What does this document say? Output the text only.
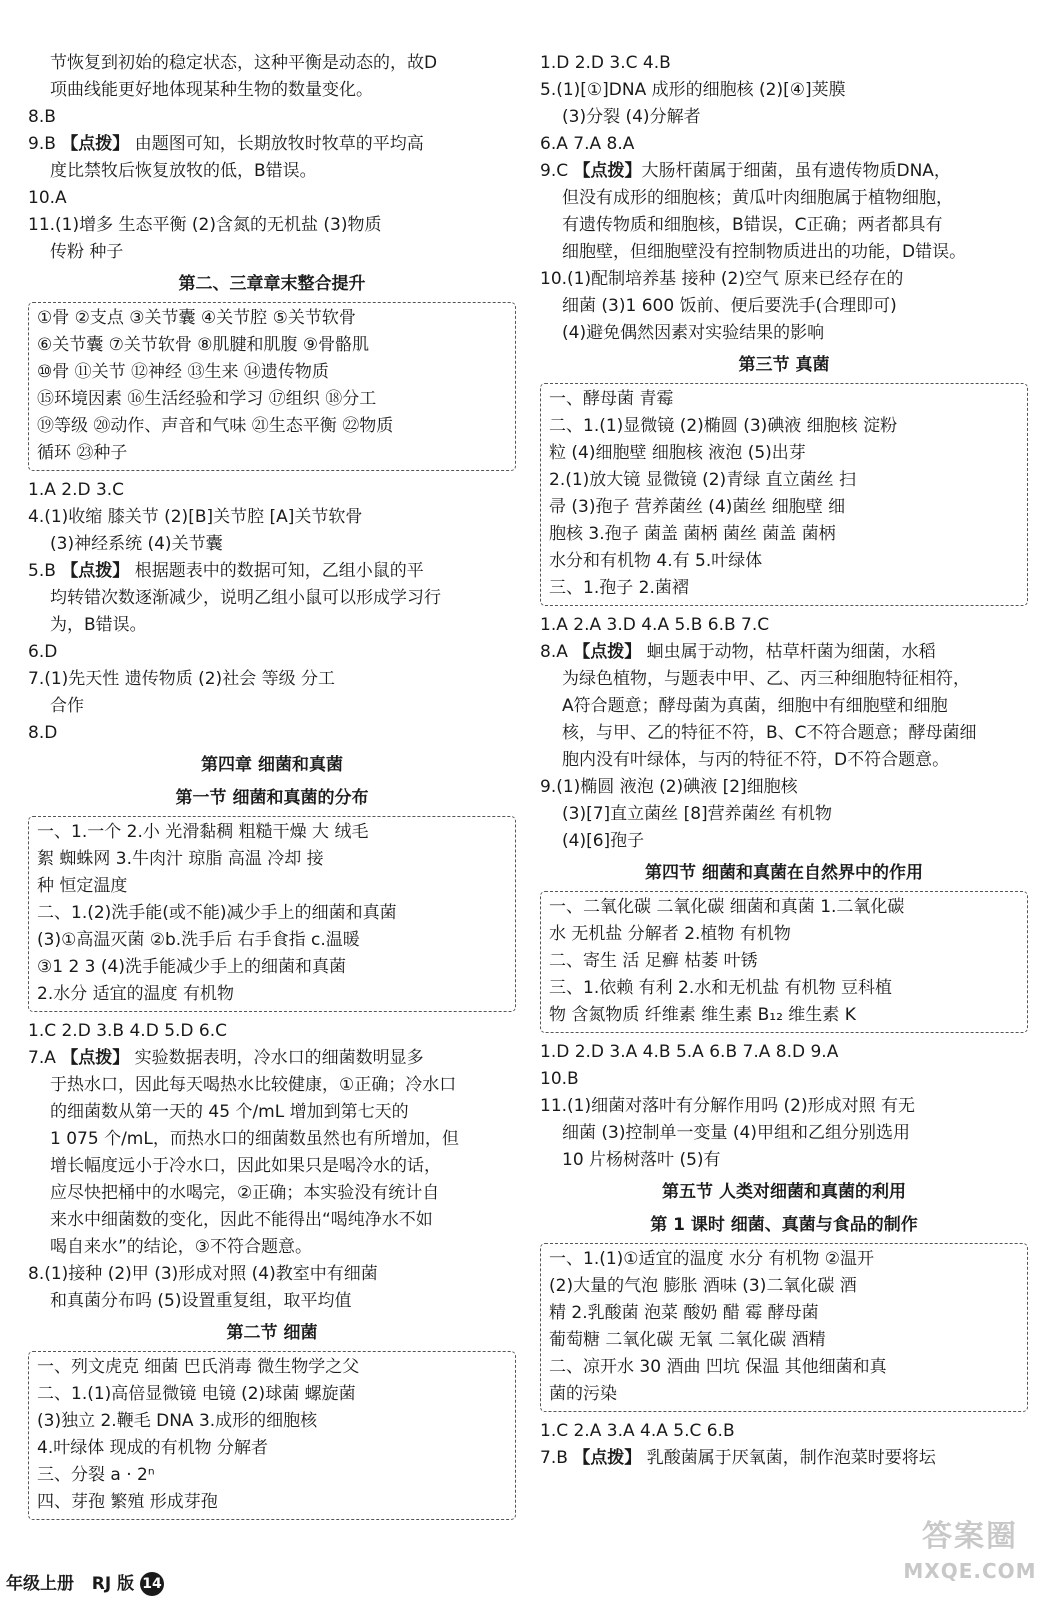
节恢复到初始的稳定状态，这种平衡是动态的，故D

项曲线能更好地体现某种生物的数量变化。

8.B

9.B 【点拨】 由题图可知，长期放牧时牧草的平均高

度比禁牧后恢复放牧的低，B错误。

10.A

11.(1)增多 生态平衡 (2)含氮的无机盐 (3)物质

传粉 种子

第二、三章章末整合提升

①骨 ②支点 ③关节囊 ④关节腔 ⑤关节软骨

⑥关节囊 ⑦关节软骨 ⑧肌腱和肌腹 ⑨骨骼肌

⑩骨 ⑪关节 ⑫神经 ⑬生来 ⑭遗传物质

⑮环境因素 ⑯生活经验和学习 ⑰组织 ⑱分工

⑲等级 ⑳动作、声音和气味 ㉑生态平衡 ㉒物质

循环 ㉓种子

1.A 2.D 3.C

4.(1)收缩 膝关节 (2)[B]关节腔 [A]关节软骨

(3)神经系统 (4)关节囊

5.B 【点拨】 根据题表中的数据可知，乙组小鼠的平

均转错次数逐渐减少，说明乙组小鼠可以形成学习行

为，B错误。

6.D

7.(1)先天性 遗传物质 (2)社会 等级 分工

合作

8.D

第四章 细菌和真菌
第一节 细菌和真菌的分布

一、1.一个 2.小 光滑黏稠 粗糙干燥 大 绒毛

絮 蜘蛛网 3.牛肉汁 琼脂 高温 冷却 接

种 恒定温度

二、1.(2)洗手能(或不能)减少手上的细菌和真菌

(3)①高温灭菌 ②b.洗手后 右手食指 c.温暖

③1 2 3 (4)洗手能减少手上的细菌和真菌

2.水分 适宜的温度 有机物

1.C 2.D 3.B 4.D 5.D 6.C

7.A 【点拨】 实验数据表明，冷水口的细菌数明显多

于热水口，因此每天喝热水比较健康，①正确；冷水口

的细菌数从第一天的 45 个/mL 增加到第七天的

1 075 个/mL，而热水口的细菌数虽然也有所增加，但

增长幅度远小于冷水口，因此如果只是喝冷水的话，

应尽快把桶中的水喝完，②正确；本实验没有统计自

来水中细菌数的变化，因此不能得出“喝纯净水不如

喝自来水”的结论，③不符合题意。

8.(1)接种 (2)甲 (3)形成对照 (4)教室中有细菌

和真菌分布吗 (5)设置重复组，取平均值

第二节 细菌

一、列文虎克 细菌 巴氏消毒 微生物学之父

二、1.(1)高倍显微镜 电镜 (2)球菌 螺旋菌

(3)独立 2.鞭毛 DNA 3.成形的细胞核

4.叶绿体 现成的有机物 分解者

三、分裂 a · 2ⁿ

四、芽孢 繁殖 形成芽孢

1.D 2.D 3.C 4.B

5.(1)[①]DNA 成形的细胞核 (2)[④]荚膜

(3)分裂 (4)分解者

6.A 7.A 8.A

9.C 【点拨】大肠杆菌属于细菌，虽有遗传物质DNA，

但没有成形的细胞核；黄瓜叶肉细胞属于植物细胞，

有遗传物质和细胞核，B错误，C正确；两者都具有

细胞壁，但细胞壁没有控制物质进出的功能，D错误。

10.(1)配制培养基 接种 (2)空气 原来已经存在的

细菌 (3)1 600 饭前、便后要洗手(合理即可)

(4)避免偶然因素对实验结果的影响

第三节 真菌

一、酵母菌 青霉

二、1.(1)显微镜 (2)椭圆 (3)碘液 细胞核 淀粉

粒 (4)细胞壁 细胞核 液泡 (5)出芽

2.(1)放大镜 显微镜 (2)青绿 直立菌丝 扫

帚 (3)孢子 营养菌丝 (4)菌丝 细胞壁 细

胞核 3.孢子 菌盖 菌柄 菌丝 菌盖 菌柄

水分和有机物 4.有 5.叶绿体

三、1.孢子 2.菌褶

1.A 2.A 3.D 4.A 5.B 6.B 7.C

8.A 【点拨】 蛔虫属于动物，枯草杆菌为细菌，水稻

为绿色植物，与题表中甲、乙、丙三种细胞特征相符，

A符合题意；酵母菌为真菌，细胞中有细胞壁和细胞

核，与甲、乙的特征不符，B、C不符合题意；酵母菌细

胞内没有叶绿体，与丙的特征不符，D不符合题意。

9.(1)椭圆 液泡 (2)碘液 [2]细胞核

(3)[7]直立菌丝 [8]营养菌丝 有机物

(4)[6]孢子

第四节 细菌和真菌在自然界中的作用

一、二氧化碳 二氧化碳 细菌和真菌 1.二氧化碳

水 无机盐 分解者 2.植物 有机物

二、寄生 活 足癣 枯萎 叶锈

三、1.依赖 有利 2.水和无机盐 有机物 豆科植

物 含氮物质 纤维素 维生素 B₁₂ 维生素 K

1.D 2.D 3.A 4.B 5.A 6.B 7.A 8.D 9.A

10.B

11.(1)细菌对落叶有分解作用吗 (2)形成对照 有无

细菌 (3)控制单一变量 (4)甲组和乙组分别选用

10 片杨树落叶 (5)有

第五节 人类对细菌和真菌的利用
第 1 课时 细菌、真菌与食品的制作

一、1.(1)①适宜的温度 水分 有机物 ②温开

(2)大量的气泡 膨胀 酒味 (3)二氧化碳 酒

精 2.乳酸菌 泡菜 酸奶 醋 霉 酵母菌

葡萄糖 二氧化碳 无氧 二氧化碳 酒精

二、凉开水 30 酒曲 凹坑 保温 其他细菌和真

菌的污染

1.C 2.A 3.A 4.A 5.C 6.B

7.B 【点拨】 乳酸菌属于厌氧菌，制作泡菜时要将坛

年级上册 RJ 版 14
答案圈
MXQE.COM
